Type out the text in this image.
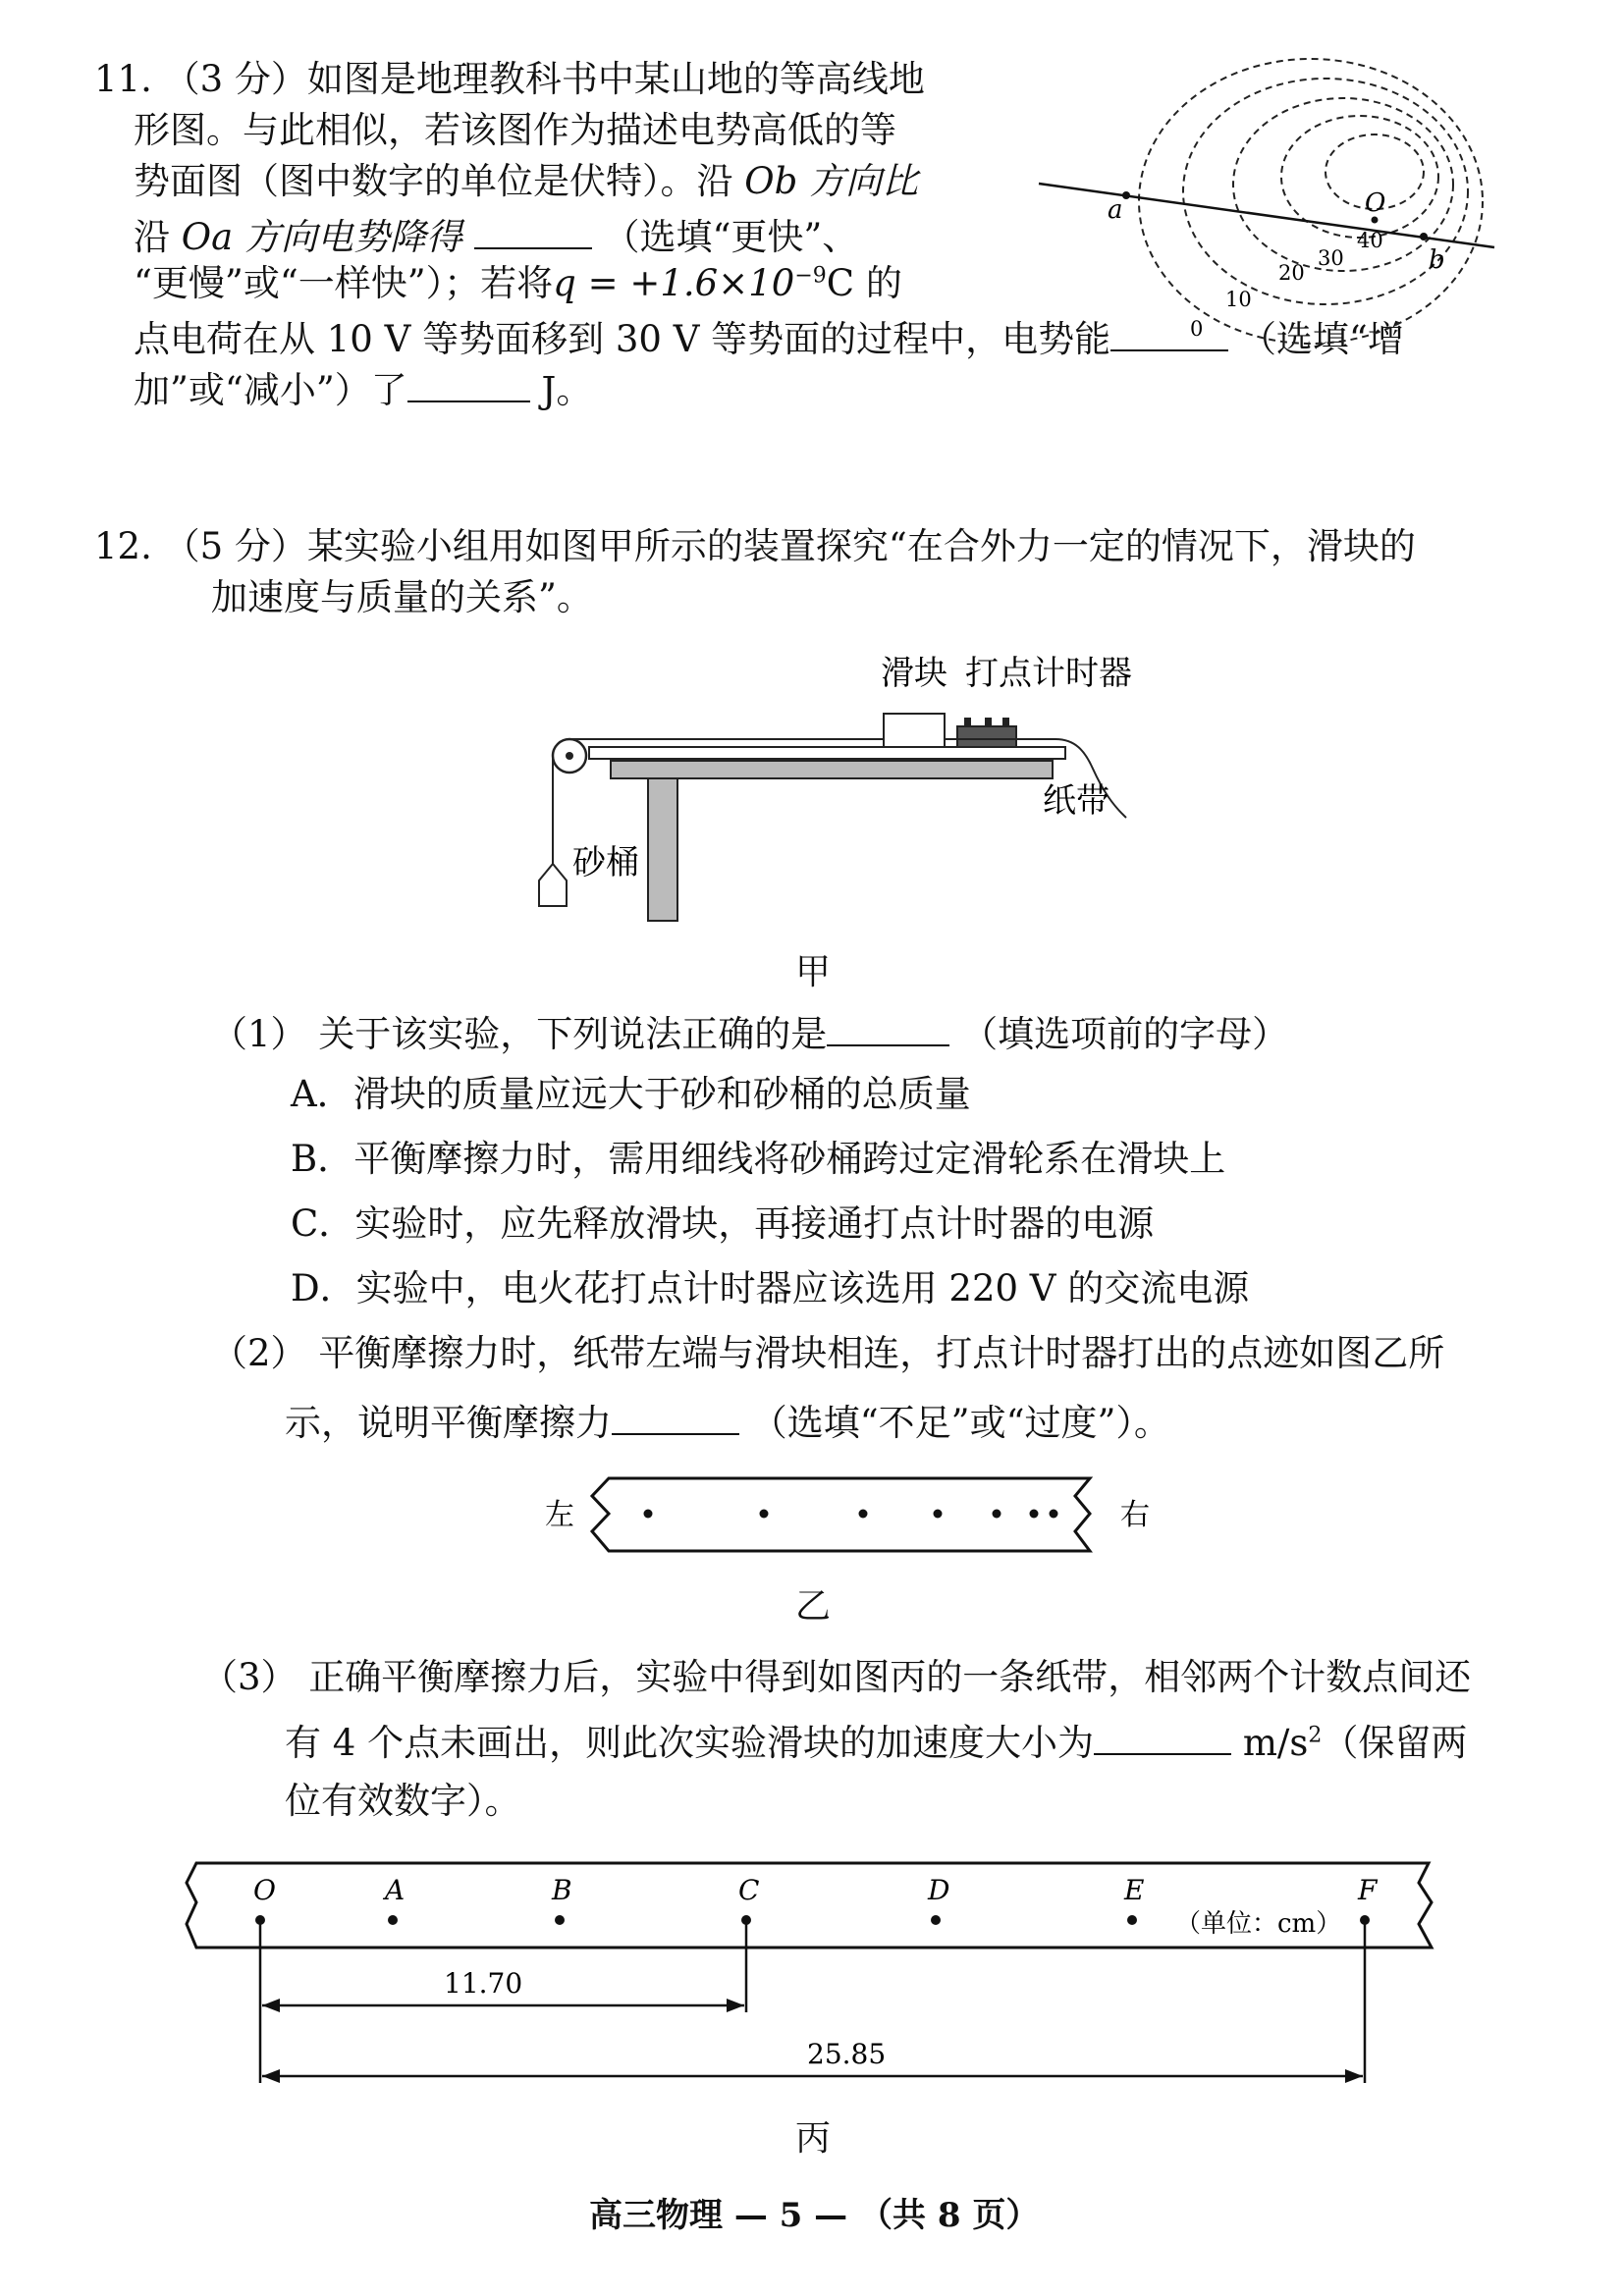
11. （3 分）如图是地理教科书中某山地的等高线地
形图。与此相似，若该图作为描述电势高低的等
势面图（图中数字的单位是伏特）。沿 Ob 方向比
沿 Oa 方向电势降得	（选填“更快”、
“更慢”或“一样快”）；若将$q = +1.6\times 10^{-9}C$ 的
点电荷在从 10 V 等势面移到 30 V 等势面的过程中，电势能	（选填“增
加”或“减小”）了	J。
a
b
O
40
30
20
10
0
12. （5 分）某实验小组用如图甲所示的装置探究“在合外力一定的情况下，滑块的
加速度与质量的关系”。
滑块 打点计时器
纸带
砂桶
甲
（1） 关于该实验，下列说法正确的是	（填选项前的字母）
A．滑块的质量应远大于砂和砂桶的总质量
B．平衡摩擦力时，需用细线将砂桶跨过定滑轮系在滑块上
C．实验时，应先释放滑块，再接通打点计时器的电源
D．实验中，电火花打点计时器应该选用 220 V 的交流电源
（2） 平衡摩擦力时，纸带左端与滑块相连，打点计时器打出的点迹如图乙所
示，说明平衡摩擦力	（选填“不足”或“过度”）。
左	右
乙
（3） 正确平衡摩擦力后，实验中得到如图丙的一条纸带，相邻两个计数点间还
有 4 个点未画出，则此次实验滑块的加速度大小为	$m/s^2$（保留两
位有效数字）。
O	A	B	C	D	E	F
（单位：cm）
11.70
25.85
丙
高三物理 — 5 — （共 8 页）
